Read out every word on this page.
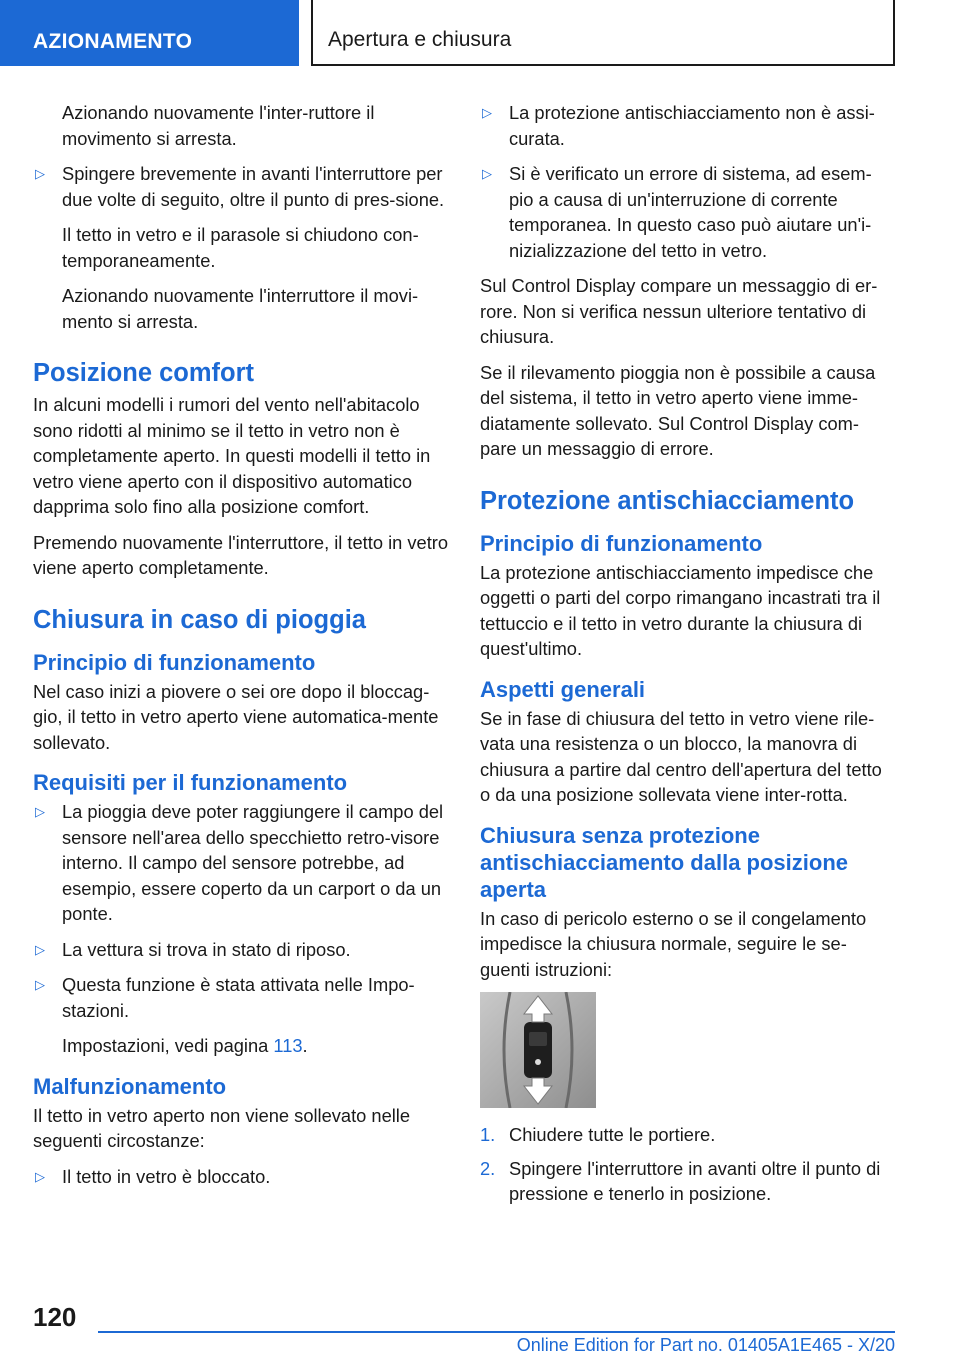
AZIONAMENTO	Apertura e chiusura
Azionando nuovamente l'inter-ruttore il movimento si arresta.
▷ Spingere brevemente in avanti l'interruttore per due volte di seguito, oltre il punto di pres-sione.
Il tetto in vetro e il parasole si chiudono con-temporaneamente.
Azionando nuovamente l'interruttore il movi-mento si arresta.
Posizione comfort

In alcuni modelli i rumori del vento nell'abitacolo sono ridotti al minimo se il tetto in vetro non è completamente aperto. In questi modelli il tetto in vetro viene aperto con il dispositivo automatico dapprima solo fino alla posizione comfort.

Premendo nuovamente l'interruttore, il tetto in vetro viene aperto completamente.

Chiusura in caso di pioggia
Principio di funzionamento

Nel caso inizi a piovere o sei ore dopo il bloccag-gio, il tetto in vetro aperto viene automatica-mente sollevato.

Requisiti per il funzionamento
▷ La pioggia deve poter raggiungere il campo del sensore nell'area dello specchietto retro-visore interno. Il campo del sensore potrebbe, ad esempio, essere coperto da un carport o da un ponte.
▷ La vettura si trova in stato di riposo.
▷ Questa funzione è stata attivata nelle Impo-stazioni.
Impostazioni, vedi pagina 113.
Malfunzionamento

Il tetto in vetro aperto non viene sollevato nelle seguenti circostanze:

▷ Il tetto in vetro è bloccato.
▷ La protezione antischiacciamento non è assi-curata.
▷ Si è verificato un errore di sistema, ad esem-pio a causa di un'interruzione di corrente temporanea. In questo caso può aiutare un'i-nizializzazione del tetto in vetro.

Sul Control Display compare un messaggio di er-rore. Non si verifica nessun ulteriore tentativo di chiusura.

Se il rilevamento pioggia non è possibile a causa del sistema, il tetto in vetro aperto viene imme-diatamente sollevato. Sul Control Display com-pare un messaggio di errore.

Protezione antischiacciamento
Principio di funzionamento

La protezione antischiacciamento impedisce che oggetti o parti del corpo rimangano incastrati tra il tettuccio e il tetto in vetro durante la chiusura di quest'ultimo.

Aspetti generali

Se in fase di chiusura del tetto in vetro viene rile-vata una resistenza o un blocco, la manovra di chiusura a partire dal centro dell'apertura del tetto o da una posizione sollevata viene inter-rotta.

Chiusura senza protezione antischiacciamento dalla posizione aperta

In caso di pericolo esterno o se il congelamento impedisce la chiusura normale, seguire le se-guenti istruzioni:

1. Chiudere tutte le portiere.
2. Spingere l'interruttore in avanti oltre il punto di pressione e tenerlo in posizione.
120
Online Edition for Part no. 01405A1E465 - X/20
